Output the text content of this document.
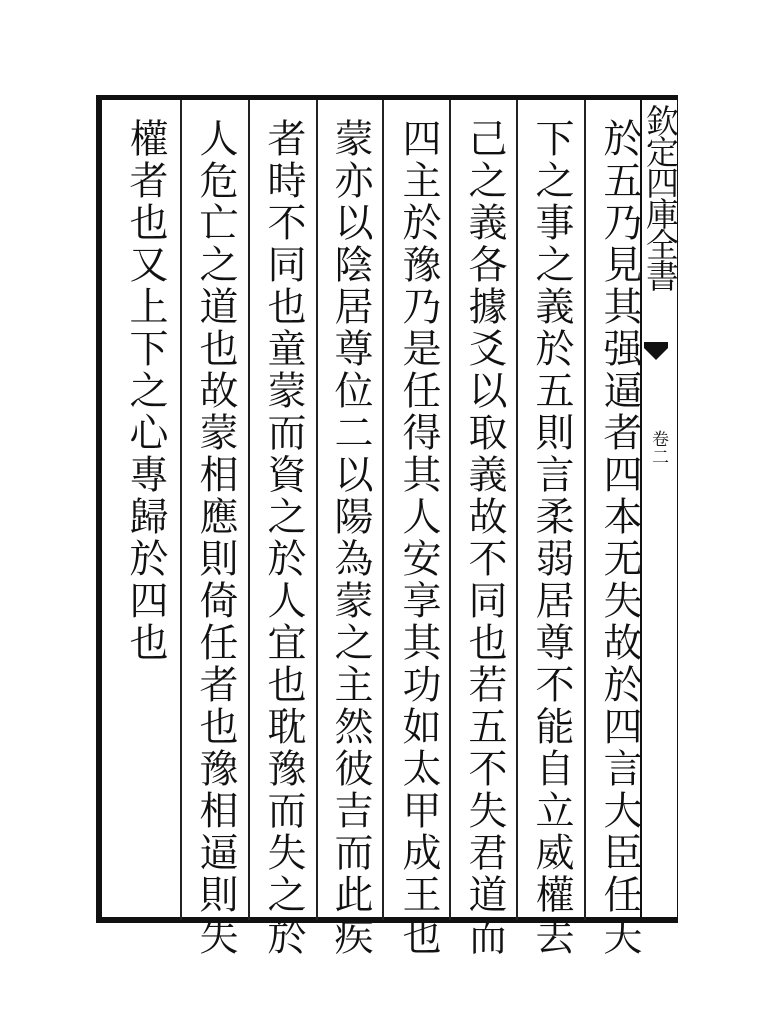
欽定四庫全書
卷二
於五乃見其强逼者四本无失故於四言大臣任天
下之事之義於五則言柔弱居尊不能自立威權去
己之義各據爻以取義故不同也若五不失君道而
四主於豫乃是任得其人安享其功如太甲成王也
蒙亦以陰居尊位二以陽為蒙之主然彼吉而此疾
者時不同也童蒙而資之於人宜也耽豫而失之於
人危亡之道也故蒙相應則倚任者也豫相逼則失
權者也又上下之心專歸於四也
